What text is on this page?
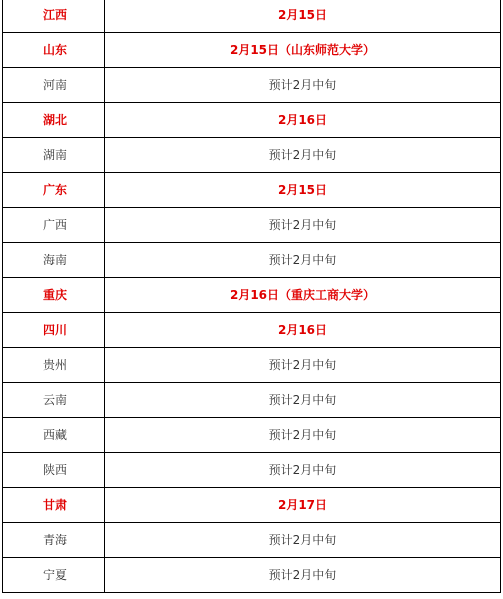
江西	2月15日
山东	2月15日（山东师范大学）
河南	预计2月中旬
湖北	2月16日
湖南	预计2月中旬
广东	2月15日
广西	预计2月中旬
海南	预计2月中旬
重庆	2月16日（重庆工商大学）
四川	2月16日
贵州	预计2月中旬
云南	预计2月中旬
西藏	预计2月中旬
陕西	预计2月中旬
甘肃	2月17日
青海	预计2月中旬
宁夏	预计2月中旬
